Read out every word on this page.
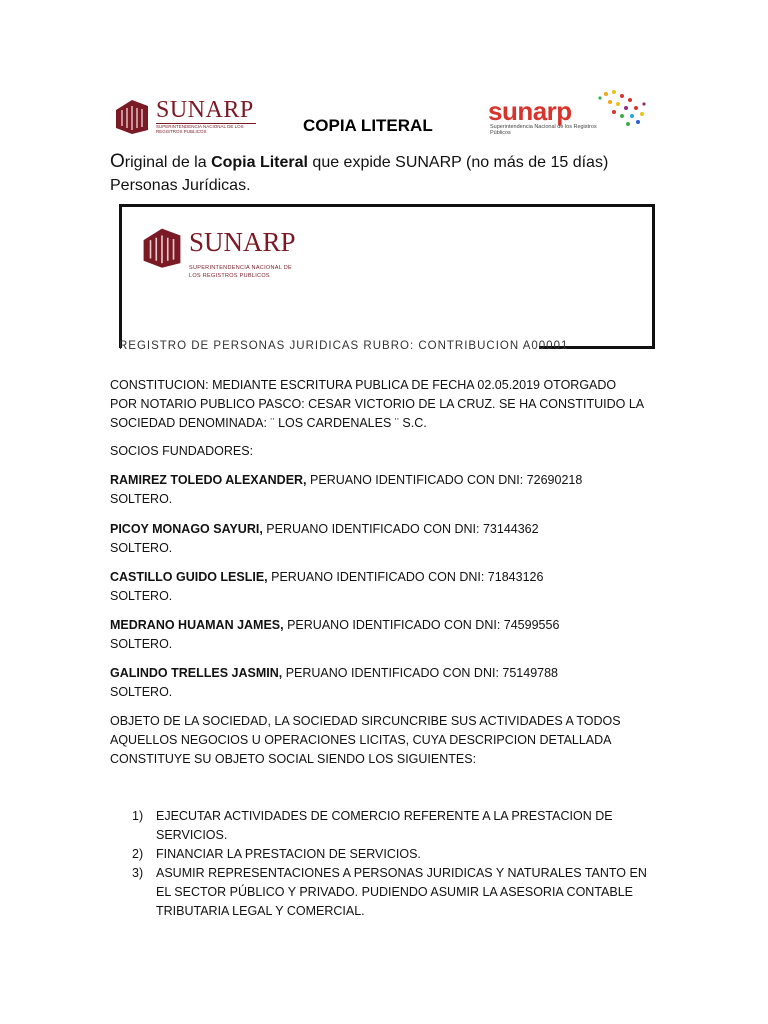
SUNARP
SUPERINTENDENCIA NACIONAL DE LOS REGISTROS PUBLICOS	COPIA LITERAL sunarp
Superintendencia Nacional de los Registros Públicos
Original de la Copia Literal que expide SUNARP (no más de 15 días)
Personas Jurídicas.
SUNARP
SUPERINTENDENCIA NACIONAL DE LOS REGISTROS PUBLICOS
REGISTRO DE PERSONAS JURIDICAS RUBRO: CONTRIBUCION A00001
CONSTITUCION: MEDIANTE ESCRITURA PUBLICA DE FECHA 02.05.2019 OTORGADO
POR NOTARIO PUBLICO PASCO: CESAR VICTORIO DE LA CRUZ. SE HA CONSTITUIDO LA
SOCIEDAD DENOMINADA: ¨ LOS CARDENALES ¨ S.C.
SOCIOS FUNDADORES:
RAMIREZ TOLEDO ALEXANDER, PERUANO IDENTIFICADO CON DNI: 72690218
SOLTERO.
PICOY MONAGO SAYURI, PERUANO IDENTIFICADO CON DNI: 73144362
SOLTERO.
CASTILLO GUIDO LESLIE, PERUANO IDENTIFICADO CON DNI: 71843126
SOLTERO.
MEDRANO HUAMAN JAMES, PERUANO IDENTIFICADO CON DNI: 74599556
SOLTERO.
GALINDO TRELLES JASMIN, PERUANO IDENTIFICADO CON DNI: 75149788
SOLTERO.
OBJETO DE LA SOCIEDAD, LA SOCIEDAD SIRCUNCRIBE SUS ACTIVIDADES A TODOS
AQUELLOS NEGOCIOS U OPERACIONES LICITAS, CUYA DESCRIPCION DETALLADA
CONSTITUYE SU OBJETO SOCIAL SIENDO LOS SIGUIENTES:
1) EJECUTAR ACTIVIDADES DE COMERCIO REFERENTE A LA PRESTACION DE
SERVICIOS.
2) FINANCIAR LA PRESTACION DE SERVICIOS.
3) ASUMIR REPRESENTACIONES A PERSONAS JURIDICAS Y NATURALES TANTO EN
EL SECTOR PÚBLICO Y PRIVADO. PUDIENDO ASUMIR LA ASESORIA CONTABLE
TRIBUTARIA LEGAL Y COMERCIAL.
